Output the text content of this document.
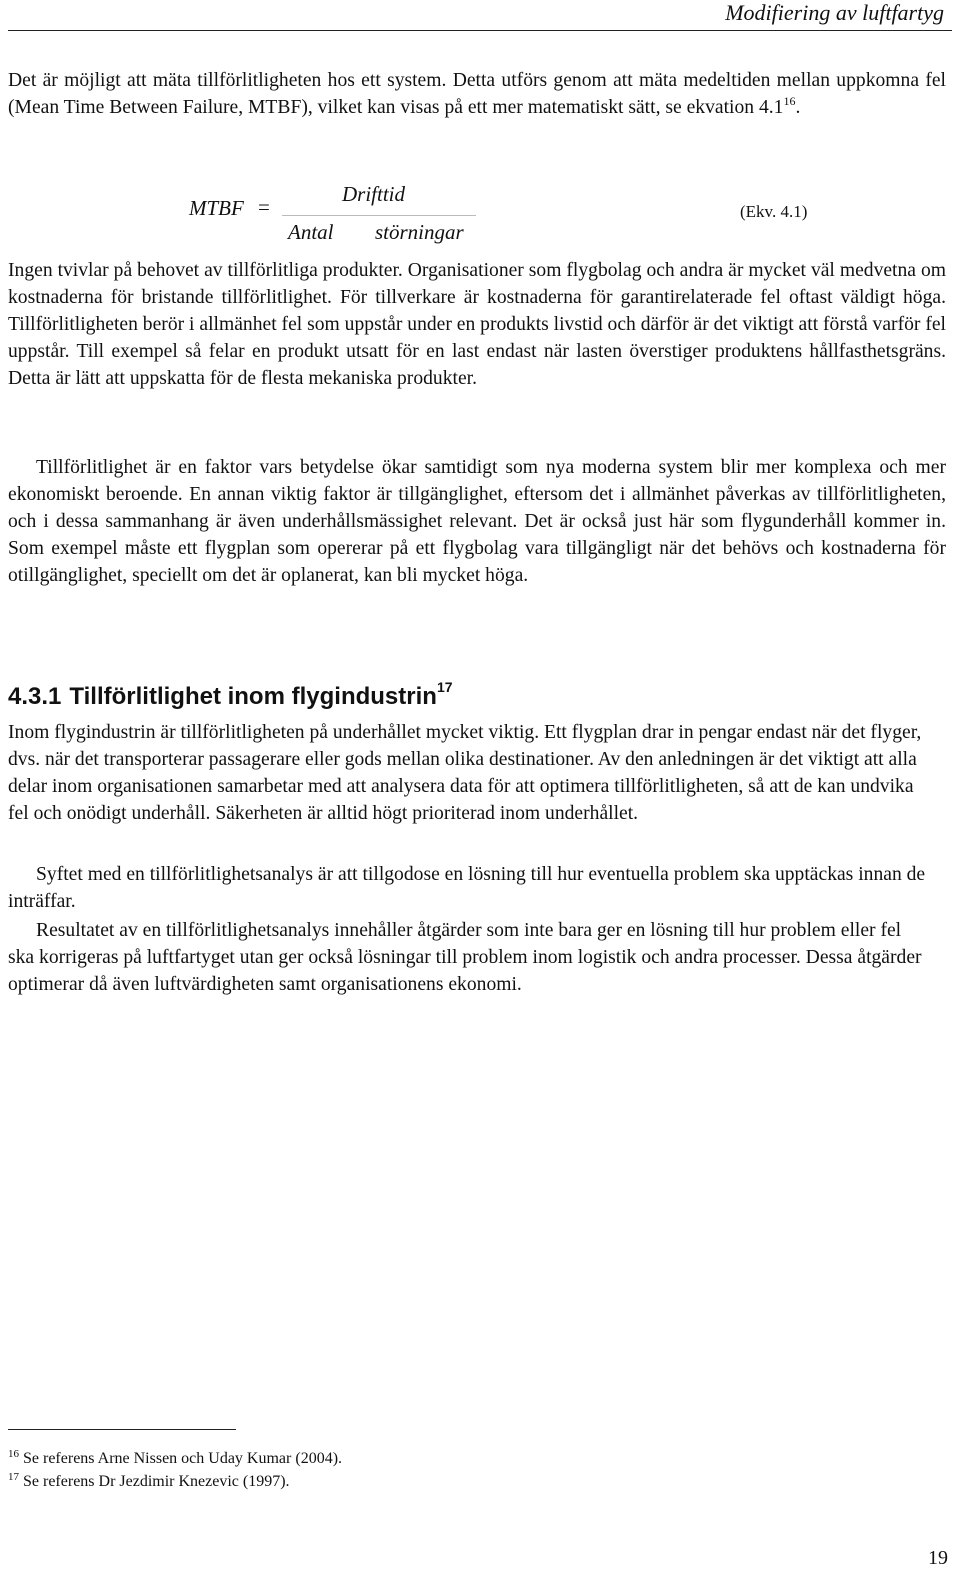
Modifiering av luftfartyg

Det är möjligt att mäta tillförlitligheten hos ett system. Detta utförs genom att mäta medeltiden mellan uppkomna fel (Mean Time Between Failure, MTBF), vilket kan visas på ett mer matematiskt sätt, se ekvation $4.1^{16}$.

MTBF =
Drifttid
Antal störningar
(Ekv. 4.1)

Ingen tvivlar på behovet av tillförlitliga produkter. Organisationer som flygbolag och andra är mycket väl medvetna om kostnaderna för bristande tillförlitlighet. För tillverkare är kostnaderna för garantirelaterade fel oftast väldigt höga. Tillförlitligheten berör i allmänhet fel som uppstår under en produkts livstid och därför är det viktigt att förstå varför fel uppstår. Till exempel så felar en produkt utsatt för en last endast när lasten överstiger produktens hållfasthetsgräns. Detta är lätt att uppskatta för de flesta mekaniska produkter.

Tillförlitlighet är en faktor vars betydelse ökar samtidigt som nya moderna system blir mer komplexa och mer ekonomiskt beroende. En annan viktig faktor är tillgänglighet, eftersom det i allmänhet påverkas av tillförlitligheten, och i dessa sammanhang är även underhållsmässighet relevant. Det är också just här som flygunderhåll kommer in. Som exempel måste ett flygplan som opererar på ett flygbolag vara tillgängligt när det behövs och kostnaderna för otillgänglighet, speciellt om det är oplanerat, kan bli mycket höga.

4.3.1 Tillförlitlighet inom flygindustrin$^{17}$

Inom flygindustrin är tillförlitligheten på underhållet mycket viktig. Ett flygplan drar in pengar endast när det flyger, dvs. när det transporterar passagerare eller gods mellan olika destinationer. Av den anledningen är det viktigt att alla delar inom organisationen samarbetar med att analysera data för att optimera tillförlitligheten, så att de kan undvika fel och onödigt underhåll. Säkerheten är alltid högt prioriterad inom underhållet.

Syftet med en tillförlitlighetsanalys är att tillgodose en lösning till hur eventuella problem ska upptäckas innan de inträffar.

Resultatet av en tillförlitlighetsanalys innehåller åtgärder som inte bara ger en lösning till hur problem eller fel ska korrigeras på luftfartyget utan ger också lösningar till problem inom logistik och andra processer. Dessa åtgärder optimerar då även luftvärdigheten samt organisationens ekonomi.

$^{16}$ Se referens Arne Nissen och Uday Kumar (2004).
$^{17}$ Se referens Dr Jezdimir Knezevic (1997).
19
